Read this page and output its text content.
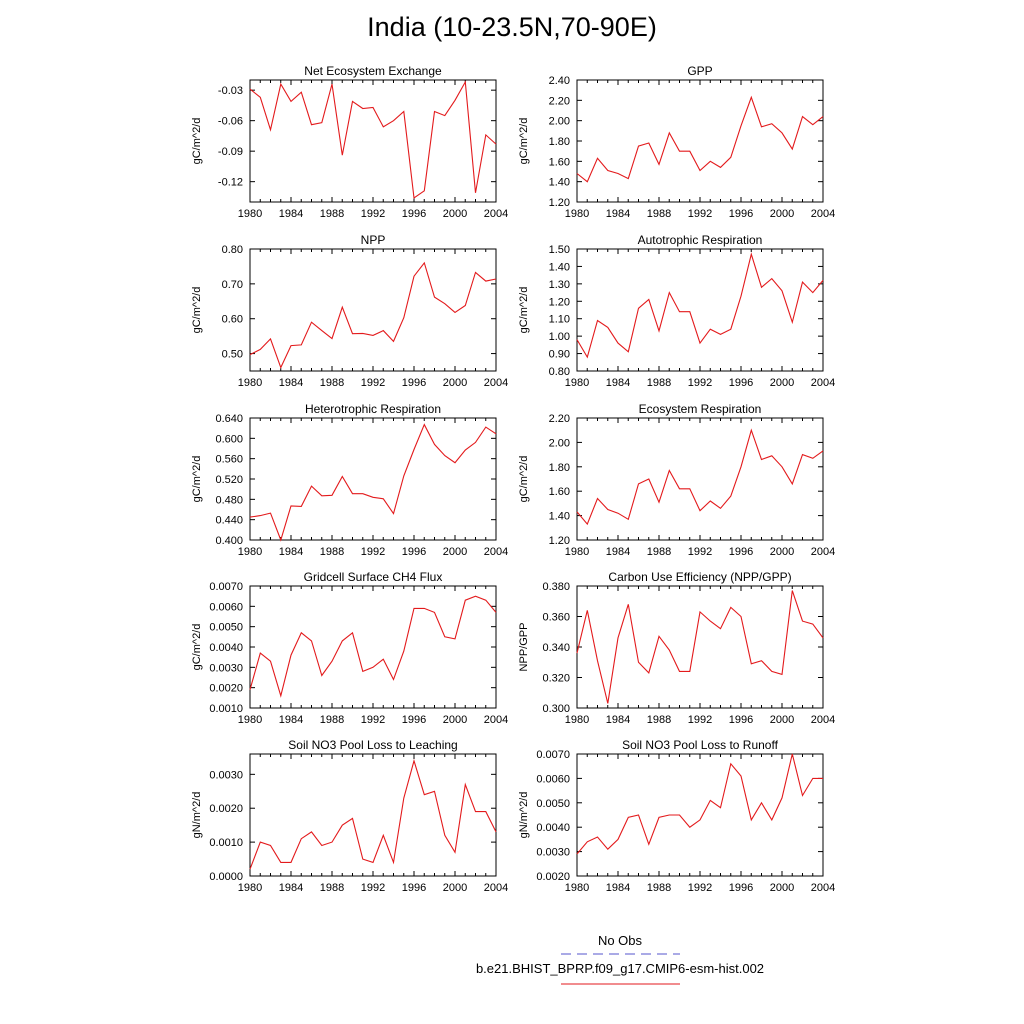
India (10-23.5N,70-90E)
Net Ecosystem Exchange
1980 1984 1988 1992 1996 2000 2004
-0.03
-0.06
-0.09
-0.12
gC/m^2/d
GPP
1980 1984 1988 1992 1996 2000 2004
1.20
1.40
1.60
1.80
2.00
2.20
2.40
gC/m^2/d
NPP
1980 1984 1988 1992 1996 2000 2004
0.50
0.60
0.70
0.80
gC/m^2/d
Autotrophic Respiration
1980 1984 1988 1992 1996 2000 2004
0.80
0.90
1.00
1.10
1.20
1.30
1.40
1.50
gC/m^2/d
Heterotrophic Respiration
1980 1984 1988 1992 1996 2000 2004
0.400
0.440
0.480
0.520
0.560
0.600
0.640
gC/m^2/d
Ecosystem Respiration
1980 1984 1988 1992 1996 2000 2004
1.20
1.40
1.60
1.80
2.00
2.20
gC/m^2/d
Gridcell Surface CH4 Flux
1980 1984 1988 1992 1996 2000 2004
0.0010
0.0020
0.0030
0.0040
0.0050
0.0060
0.0070
gC/m^2/d
Carbon Use Efficiency (NPP/GPP)
1980 1984 1988 1992 1996 2000 2004
0.300
0.320
0.340
0.360
0.380
NPP/GPP
Soil NO3 Pool Loss to Leaching
1980 1984 1988 1992 1996 2000 2004
0.0000
0.0010
0.0020
0.0030
gN/m^2/d
Soil NO3 Pool Loss to Runoff
1980 1984 1988 1992 1996 2000 2004
0.0020
0.0030
0.0040
0.0050
0.0060
0.0070
gN/m^2/d
No Obs
b.e21.BHIST_BPRP.f09_g17.CMIP6-esm-hist.002
